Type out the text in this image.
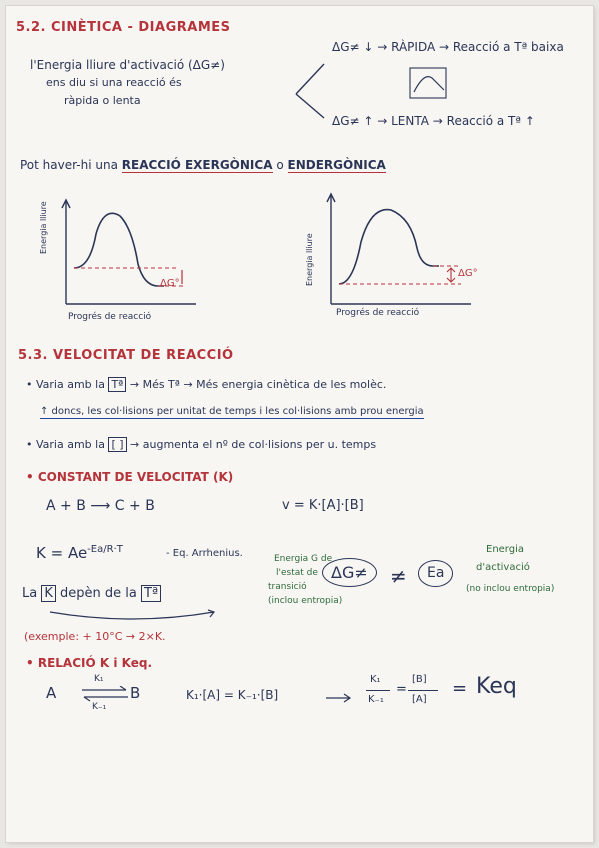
5.2. CINÈTICA - DIAGRAMES
l'Energia lliure d'activació (ΔG≠)
ens diu si una reacció és
ràpida o lenta
ΔG≠ ↓ → RÀPIDA → Reacció a Tª baixa
ΔG≠ ↑ → LENTA → Reacció a Tª ↑
Pot haver-hi una REACCIÓ EXERGÒNICA o ENDERGÒNICA
Energia lliure
Progrés de reacció
ΔG°	Energia lliure
Progrés de reacció
ΔG°
5.3. VELOCITAT DE REACCIÓ
• Varia amb la Tª → Més Tª → Més energia cinètica de les molèc.
↑ doncs, les col·lisions per unitat de temps i les col·lisions amb prou energia
• Varia amb la [ ] → augmenta el nº de col·lisions per u. temps
• CONSTANT DE VELOCITAT (K)
A + B ⟶ C + B	v = K·[A]·[B]
$K = Ae^{-Ea/R\cdot T}$	- Eq. Arrhenius.
La K depèn de la Tª
(exemple: + 10°C → 2×K.
Energia G de
l'estat de
transició
(inclou entropia)
ΔG≠	≠	Ea
Energia
d'activació
(no inclou entropia)
• RELACIÓ K i Keq.
A
K₁
K₋₁
B	K₁·[A] = K₋₁·[B]
K₁
K₋₁
=
[B]
[A]
= Keq
